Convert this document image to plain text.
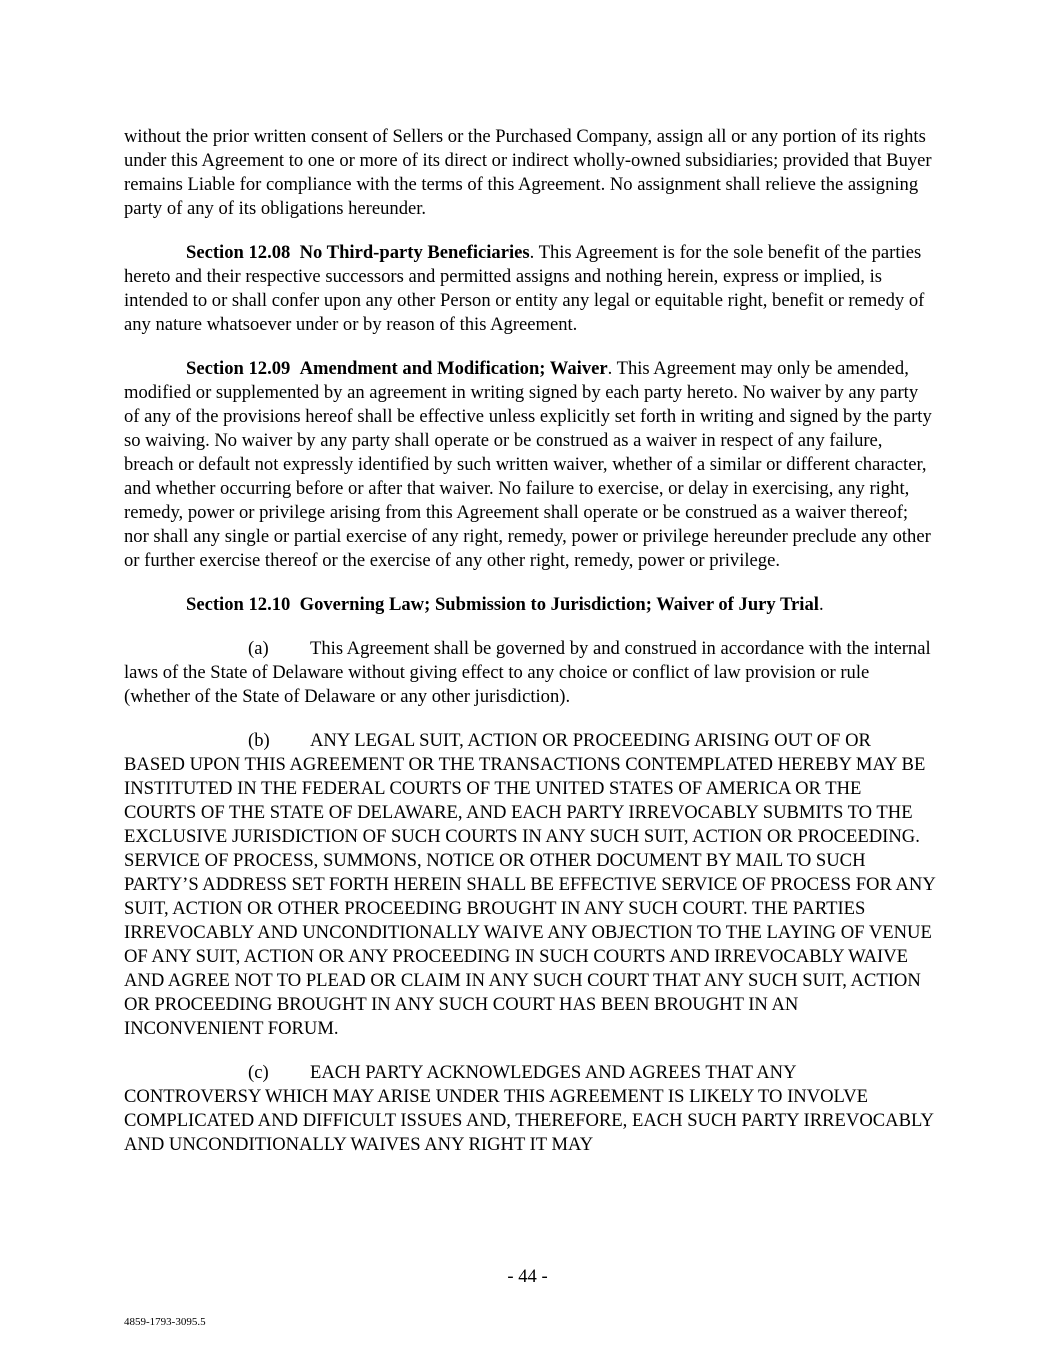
without the prior written consent of Sellers or the Purchased Company, assign all or any portion of its rights under this Agreement to one or more of its direct or indirect wholly-owned subsidiaries; provided that Buyer remains Liable for compliance with the terms of this Agreement. No assignment shall relieve the assigning party of any of its obligations hereunder.

Section 12.08 No Third-party Beneficiaries. This Agreement is for the sole benefit of the parties hereto and their respective successors and permitted assigns and nothing herein, express or implied, is intended to or shall confer upon any other Person or entity any legal or equitable right, benefit or remedy of any nature whatsoever under or by reason of this Agreement.

Section 12.09 Amendment and Modification; Waiver. This Agreement may only be amended, modified or supplemented by an agreement in writing signed by each party hereto. No waiver by any party of any of the provisions hereof shall be effective unless explicitly set forth in writing and signed by the party so waiving. No waiver by any party shall operate or be construed as a waiver in respect of any failure, breach or default not expressly identified by such written waiver, whether of a similar or different character, and whether occurring before or after that waiver. No failure to exercise, or delay in exercising, any right, remedy, power or privilege arising from this Agreement shall operate or be construed as a waiver thereof; nor shall any single or partial exercise of any right, remedy, power or privilege hereunder preclude any other or further exercise thereof or the exercise of any other right, remedy, power or privilege.

Section 12.10 Governing Law; Submission to Jurisdiction; Waiver of Jury Trial.

(a) This Agreement shall be governed by and construed in accordance with the internal laws of the State of Delaware without giving effect to any choice or conflict of law provision or rule (whether of the State of Delaware or any other jurisdiction).

(b) ANY LEGAL SUIT, ACTION OR PROCEEDING ARISING OUT OF OR BASED UPON THIS AGREEMENT OR THE TRANSACTIONS CONTEMPLATED HEREBY MAY BE INSTITUTED IN THE FEDERAL COURTS OF THE UNITED STATES OF AMERICA OR THE COURTS OF THE STATE OF DELAWARE, AND EACH PARTY IRREVOCABLY SUBMITS TO THE EXCLUSIVE JURISDICTION OF SUCH COURTS IN ANY SUCH SUIT, ACTION OR PROCEEDING. SERVICE OF PROCESS, SUMMONS, NOTICE OR OTHER DOCUMENT BY MAIL TO SUCH PARTY’S ADDRESS SET FORTH HEREIN SHALL BE EFFECTIVE SERVICE OF PROCESS FOR ANY SUIT, ACTION OR OTHER PROCEEDING BROUGHT IN ANY SUCH COURT. THE PARTIES IRREVOCABLY AND UNCONDITIONALLY WAIVE ANY OBJECTION TO THE LAYING OF VENUE OF ANY SUIT, ACTION OR ANY PROCEEDING IN SUCH COURTS AND IRREVOCABLY WAIVE AND AGREE NOT TO PLEAD OR CLAIM IN ANY SUCH COURT THAT ANY SUCH SUIT, ACTION OR PROCEEDING BROUGHT IN ANY SUCH COURT HAS BEEN BROUGHT IN AN INCONVENIENT FORUM.

(c) EACH PARTY ACKNOWLEDGES AND AGREES THAT ANY CONTROVERSY WHICH MAY ARISE UNDER THIS AGREEMENT IS LIKELY TO INVOLVE COMPLICATED AND DIFFICULT ISSUES AND, THEREFORE, EACH SUCH PARTY IRREVOCABLY AND UNCONDITIONALLY WAIVES ANY RIGHT IT MAY

- 44 -
4859-1793-3095.5
